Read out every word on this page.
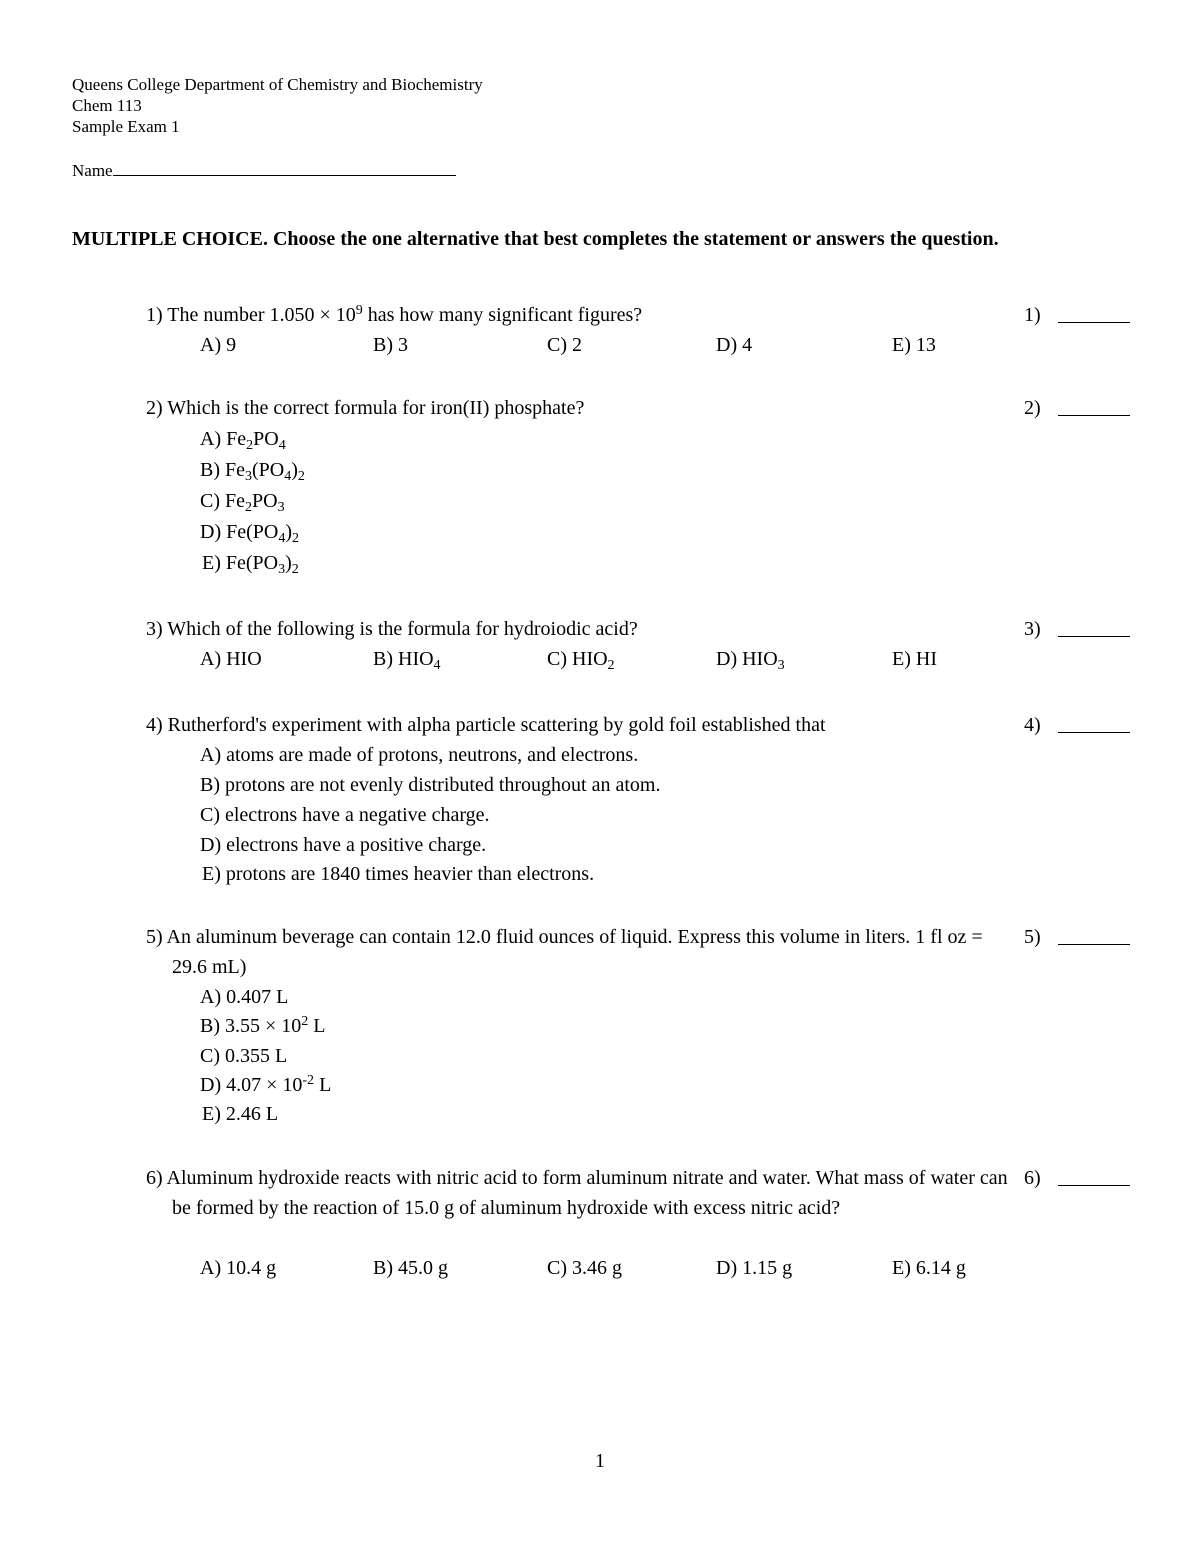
Queens College Department of Chemistry and Biochemistry
Chem 113
Sample Exam 1
Name
MULTIPLE CHOICE. Choose the one alternative that best completes the statement or answers the question.
1) The number $1.050 \times 10^9$ has how many significant figures?	1)
A) 9	B) 3	C) 2	D) 4	E) 13
2) Which is the correct formula for iron(II) phosphate?	2)
A) $Fe_2PO_4$
B) $Fe_3(PO_4)_2$
C) $Fe_2PO_3$
D) $Fe(PO_4)_2$
E) $Fe(PO_3)_2$
3) Which of the following is the formula for hydroiodic acid?	3)
A) HIO	B) $HIO_4$	C) $HIO_2$	D) $HIO_3$	E) HI
4) Rutherford's experiment with alpha particle scattering by gold foil established that	4)
A) atoms are made of protons, neutrons, and electrons.
B) protons are not evenly distributed throughout an atom.
C) electrons have a negative charge.
D) electrons have a positive charge.
E) protons are 1840 times heavier than electrons.
5) An aluminum beverage can contain 12.0 fluid ounces of liquid. Express this volume in liters. 1 fl oz = 29.6 mL)
5)
A) 0.407 L
B) $3.55 \times 10^2$ L
C) 0.355 L
D) $4.07 \times 10^{-2}$ L
E) 2.46 L
6) Aluminum hydroxide reacts with nitric acid to form aluminum nitrate and water. What mass of water can be formed by the reaction of 15.0 g of aluminum hydroxide with excess nitric acid?
6)
A) 10.4 g	B) 45.0 g	C) 3.46 g	D) 1.15 g	E) 6.14 g
1
